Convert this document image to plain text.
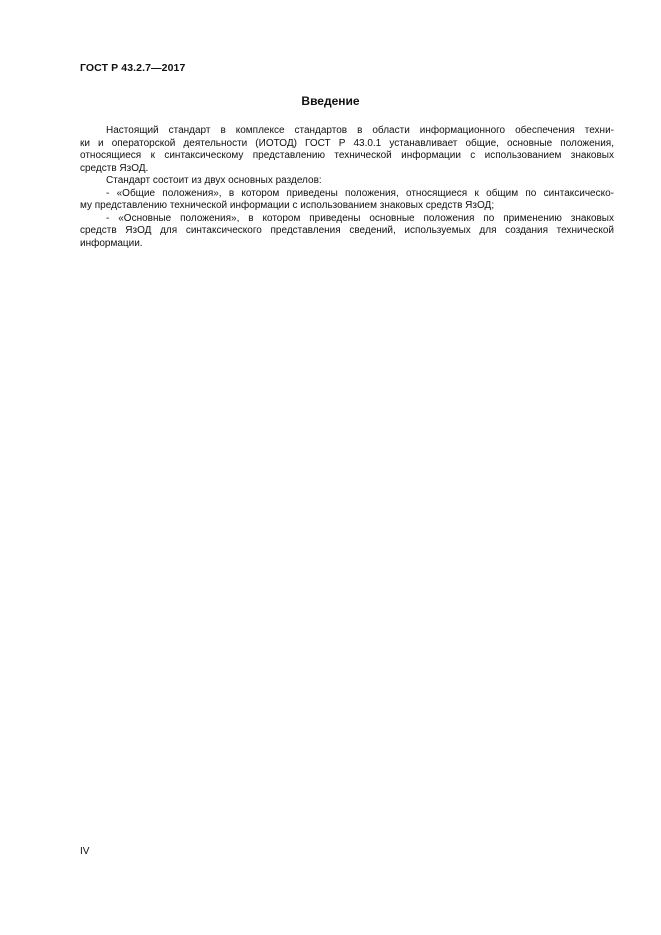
ГОСТ Р 43.2.7—2017
Введение

Настоящий стандарт в комплексе стандартов в области информационного обеспечения техни-
ки и операторской деятельности (ИОТОД) ГОСТ Р 43.0.1 устанавливает общие, основные положения,
относящиеся к синтаксическому представлению технической информации с использованием знаковых
средств ЯзОД.

Стандарт состоит из двух основных разделов:

- «Общие положения», в котором приведены положения, относящиеся к общим по синтаксическо-
му представлению технической информации с использованием знаковых средств ЯзОД;

- «Основные положения», в котором приведены основные положения по применению знаковых
средств ЯзОД для синтаксического представления сведений, используемых для создания технической
информации.

IV
